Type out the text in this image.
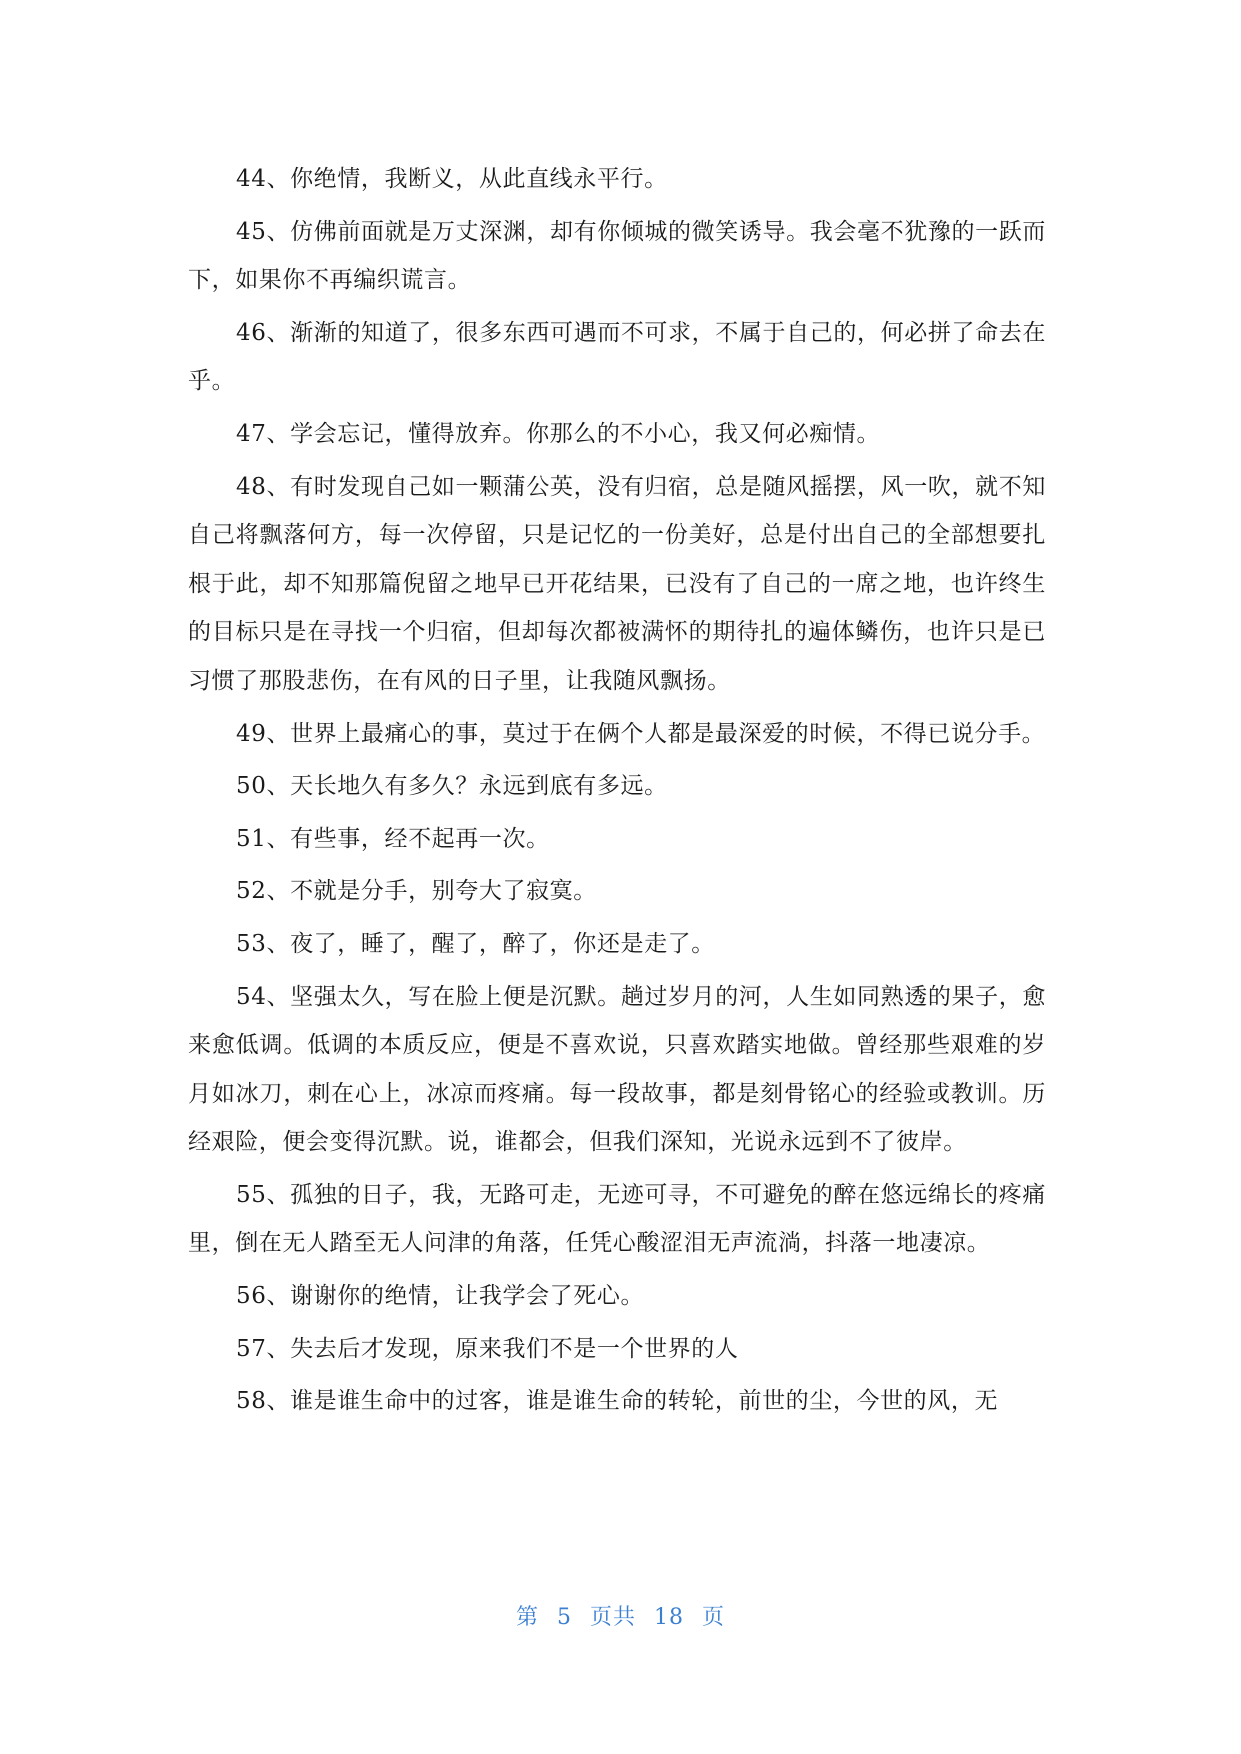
44、你绝情，我断义，从此直线永平行。

45、仿佛前面就是万丈深渊，却有你倾城的微笑诱导。我会毫不犹豫的一跃而下，如果你不再编织谎言。

46、渐渐的知道了，很多东西可遇而不可求，不属于自己的，何必拼了命去在乎。

47、学会忘记，懂得放弃。你那么的不小心，我又何必痴情。

48、有时发现自己如一颗蒲公英，没有归宿，总是随风摇摆，风一吹，就不知自己将飘落何方，每一次停留，只是记忆的一份美好，总是付出自己的全部想要扎根于此，却不知那篇倪留之地早已开花结果，已没有了自己的一席之地，也许终生的目标只是在寻找一个归宿，但却每次都被满怀的期待扎的遍体鳞伤，也许只是已习惯了那股悲伤，在有风的日子里，让我随风飘扬。

49、世界上最痛心的事，莫过于在俩个人都是最深爱的时候，不得已说分手。

50、天长地久有多久？永远到底有多远。

51、有些事，经不起再一次。

52、不就是分手，别夸大了寂寞。

53、夜了，睡了，醒了，醉了，你还是走了。

54、坚强太久，写在脸上便是沉默。趟过岁月的河，人生如同熟透的果子，愈来愈低调。低调的本质反应，便是不喜欢说，只喜欢踏实地做。曾经那些艰难的岁月如冰刀，刺在心上，冰凉而疼痛。每一段故事，都是刻骨铭心的经验或教训。历经艰险，便会变得沉默。说，谁都会，但我们深知，光说永远到不了彼岸。

55、孤独的日子，我，无路可走，无迹可寻，不可避免的醉在悠远绵长的疼痛里，倒在无人踏至无人问津的角落，任凭心酸涩泪无声流淌，抖落一地凄凉。

56、谢谢你的绝情，让我学会了死心。

57、失去后才发现，原来我们不是一个世界的人

58、谁是谁生命中的过客，谁是谁生命的转轮，前世的尘，今世的风，无

第 5 页共 18 页
